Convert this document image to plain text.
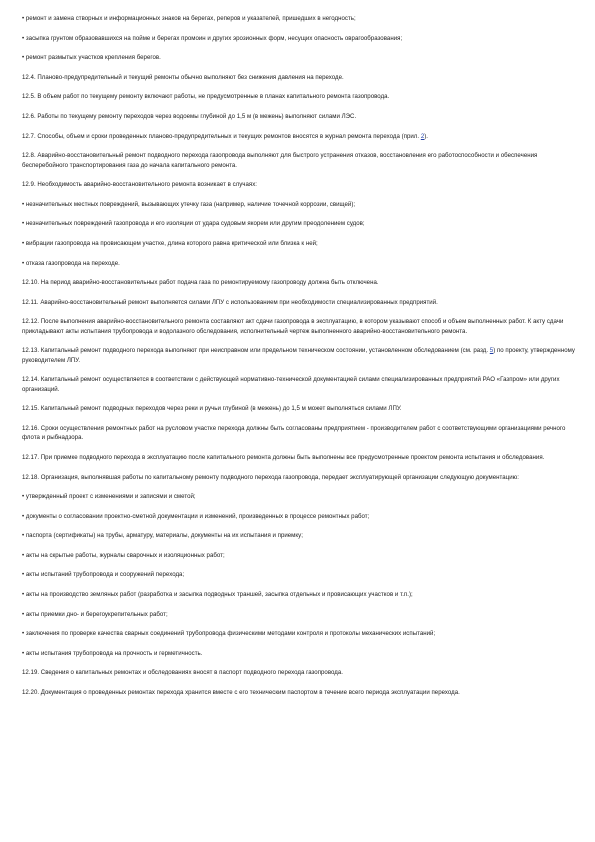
• ремонт и замена створных и информационных знаков на берегах, реперов и указателей, пришедших в негодность;

• засыпка грунтом образовавшихся на пойме и берегах промоин и других эрозионных форм, несущих опасность оврагообразования;

• ремонт размытых участков крепления берегов.

12.4. Планово-предупредительный и текущий ремонты обычно выполняют без снижения давления на переходе.

12.5. В объем работ по текущему ремонту включают работы, не предусмотренные в планах капитального ремонта газопровода.

12.6. Работы по текущему ремонту переходов через водоемы глубиной до 1,5 м (в межень) выполняют силами ЛЭС.

12.7. Способы, объем и сроки проведенных планово-предупредительных и текущих ремонтов вносятся в журнал ремонта перехода (прил. 2).

12.8. Аварийно-восстановительный ремонт подводного перехода газопровода выполняют для быстрого устранения отказов, восстановления его работоспособности и обеспечения бесперебойного транспортирования газа до начала капитального ремонта.

12.9. Необходимость аварийно-восстановительного ремонта возникает в случаях:

• незначительных местных повреждений, вызывающих утечку газа (например, наличие точечной коррозии, свищей);

• незначительных повреждений газопровода и его изоляции от удара судовым якорем или другим преодолением судов;

• вибрации газопровода на провисающем участке, длина которого равна критической или близка к ней;

• отказа газопровода на переходе.

12.10. На период аварийно-восстановительных работ подача газа по ремонтируемому газопроводу должна быть отключена.

12.11. Аварийно-восстановительный ремонт выполняется силами ЛПУ с использованием при необходимости специализированных предприятий.

12.12. После выполнения аварийно-восстановительного ремонта составляют акт сдачи газопровода в эксплуатацию, в котором указывают способ и объем выполненных работ. К акту сдачи прикладывают акты испытания трубопровода и водолазного обследования, исполнительный чертеж выполненного аварийно-восстановительного ремонта.

12.13. Капитальный ремонт подводного перехода выполняют при неисправном или предельном техническом состоянии, установленном обследованием (см. разд. 5) по проекту, утвержденному руководителем ЛПУ.

12.14. Капитальный ремонт осуществляется в соответствии с действующей нормативно-технической документацией силами специализированных предприятий РАО «Газпром» или других организаций.

12.15. Капитальный ремонт подводных переходов через реки и ручьи глубиной (в межень) до 1,5 м может выполняться силами ЛПУ.

12.16. Сроки осуществления ремонтных работ на русловом участке перехода должны быть согласованы предприятием - производителем работ с соответствующими организациями речного флота и рыбнадзора.

12.17. При приемке подводного перехода в эксплуатацию после капитального ремонта должны быть выполнены все предусмотренные проектом ремонта испытания и обследования.

12.18. Организация, выполнявшая работы по капитальному ремонту подводного перехода газопровода, передает эксплуатирующей организации следующую документацию:

• утвержденный проект с изменениями и записями и сметой;

• документы о согласовании проектно-сметной документации и изменений, произведенных в процессе ремонтных работ;

• паспорта (сертификаты) на трубы, арматуру, материалы, документы на их испытания и приемку;

• акты на скрытые работы, журналы сварочных и изоляционных работ;

• акты испытаний трубопровода и сооружений перехода;

• акты на производство земляных работ (разработка и засыпка подводных траншей, засыпка отдельных и провисающих участков и т.п.);

• акты приемки дно- и берегоукрепительных работ;

• заключения по проверке качества сварных соединений трубопровода физическими методами контроля и протоколы механических испытаний;

• акты испытания трубопровода на прочность и герметичность.

12.19. Сведения о капитальных ремонтах и обследованиях вносят в паспорт подводного перехода газопровода.

12.20. Документация о проведенных ремонтах перехода хранится вместе с его техническим паспортом в течение всего периода эксплуатации перехода.
